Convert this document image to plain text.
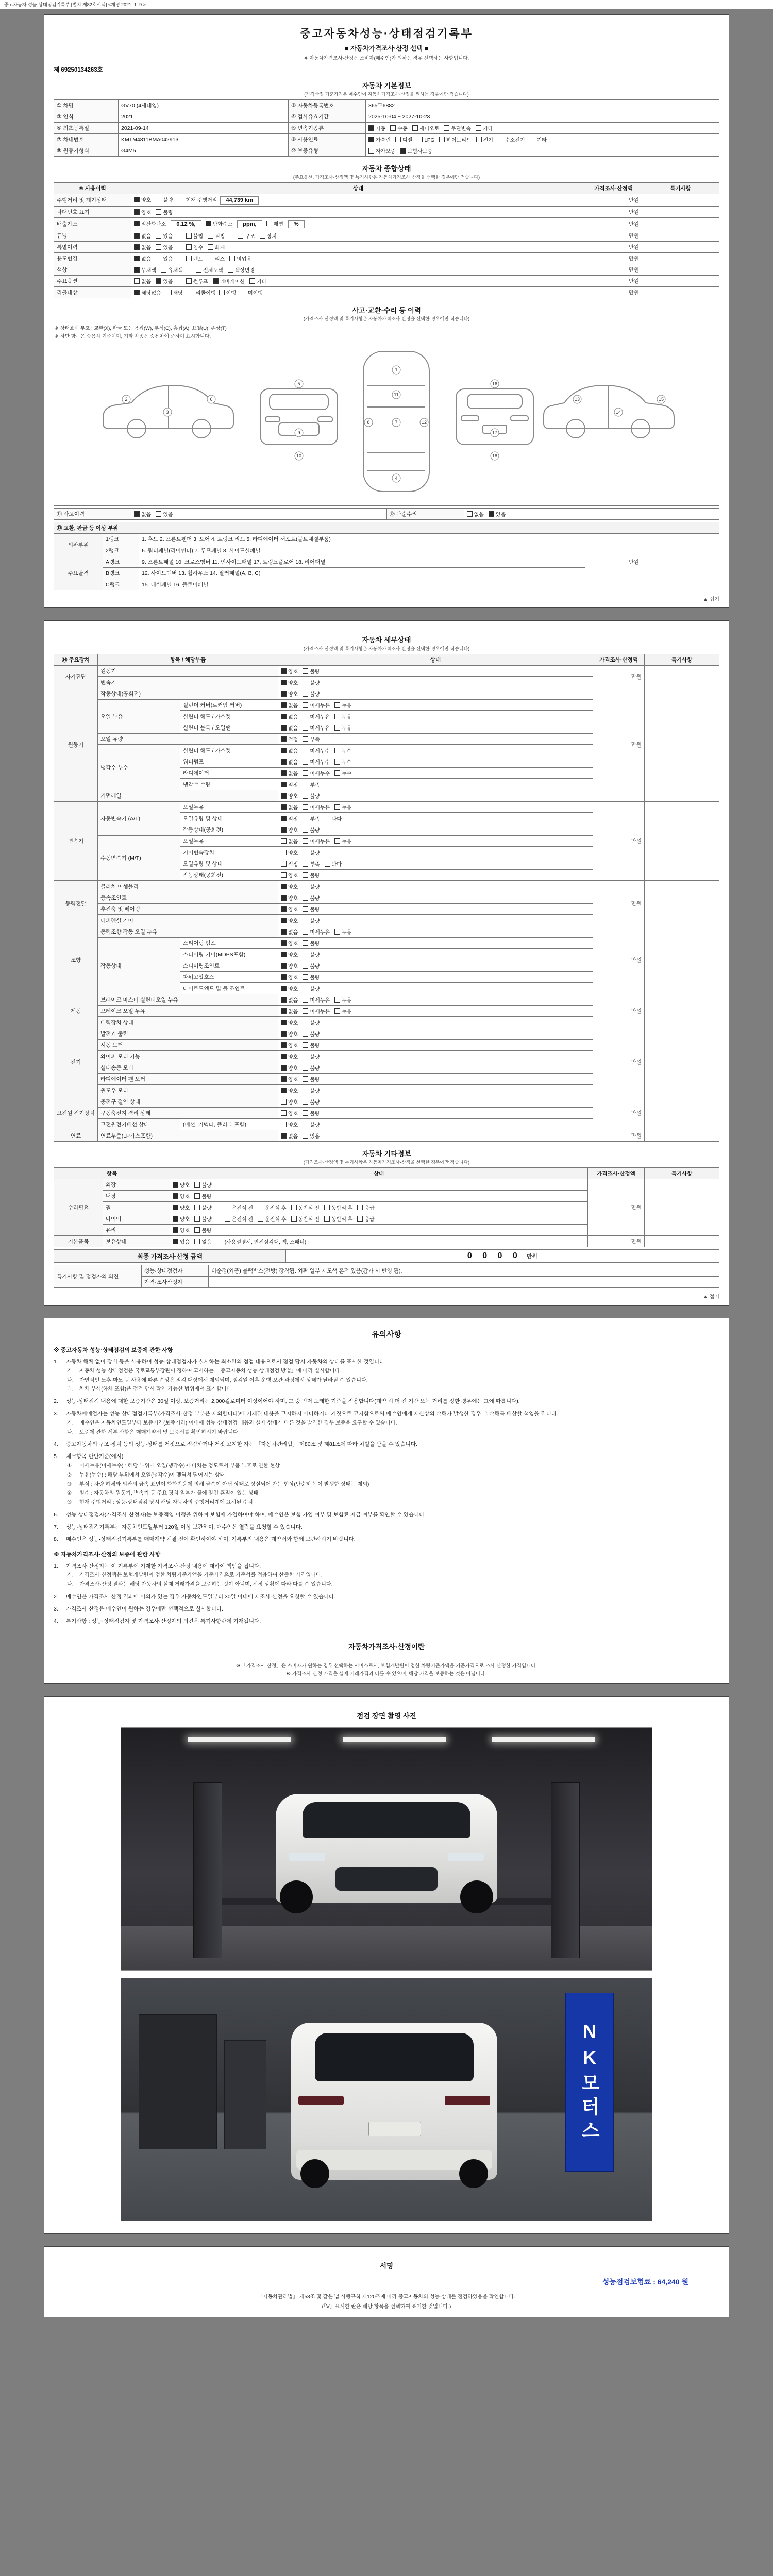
중고자동차 성능·상태점검기록부 [별지 제82호서식] <개정 2021. 1. 9.>
중고자동차성능·상태점검기록부
■ 자동차가격조사·산정 선택 ■
※ 자동차가격조사·산정은 소비자(매수인)가 원하는 경우 선택하는 사항입니다.
제 69250134263호
자동차 기본정보
(가격산정 기준가격은 매수인이 자동차가격조사·산정을 원하는 경우에만 적습니다)
① 차명	GV70 (4세대임)	② 자동차등록번호	365두6882
③ 연식	2021	④ 검사유효기간	2025-10-04 ~ 2027-10-23
⑤ 최초등록일	2021-09-14	⑥ 변속기종류	자동 수동 세미오토 무단변속 기타
⑦ 차대번호	KMTM4811BMA042913	⑧ 사용연료	가솔린 디젤 LPG 하이브리드 전기 수소전기 기타
⑨ 원동기형식	G4M5	⑩ 보증유형	자가보증 보험사보증
자동차 종합상태
(주요옵션, 가격조사·산정액 및 특기사항은 자동차가격조사·산정을 선택한 경우에만 적습니다)
⑩ 사용이력	상태	가격조사·산정액	특기사항
주행거리 및 계기상태	양호 불량 현재 주행거리 44,739 km	만원	
차대번호 표기	양호 불량	만원	
배출가스	일산화탄소 0.12 %, 탄화수소 ppm, 매연 %	만원	
튜닝	없음 있음 불법 적법 구조 장치	만원	
특별이력	없음 있음 침수 화재	만원	
용도변경	없음 있음 렌트 리스 영업용	만원	
색상	무채색 유채색 전체도색 색상변경	만원	
주요옵션	없음 있음 썬루프 네비게이션 기타	만원	
리콜대상	해당없음 해당 리콜이행 이행 미이행	만원	
사고·교환·수리 등 이력
(가격조사·산정액 및 특기사항은 자동차가격조사·산정을 선택한 경우에만 적습니다)
※ 상태표시 부호 : 교환(X), 판금 또는 용접(W), 부식(C), 흠집(A), 요철(U), 손상(T)
※ 하단 항목은 승용차 기준이며, 기타 차종은 승용차에 준하여 표시합니다.
2
3
6
5
9
10
1
7
4
8	12
11
16
17
18
13
14
15
⑪ 사고이력	없음 있음	⑫ 단순수리	없음 있음
⑬ 교환, 판금 등 이상 부위				
외판부위	1랭크	1. 후드 2. 프론트펜더 3. 도어 4. 트렁크 리드 5. 라디에이터 서포트(볼트체결부품)	만원	
	2랭크	6. 쿼터패널(리어펜더) 7. 루프패널 8. 사이드실패널		
주요골격	A랭크	9. 프론트패널 10. 크로스멤버 11. 인사이드패널 17. 트렁크플로어 18. 리어패널		
	B랭크	12. 사이드멤버 13. 휠하우스 14. 필러패널(A, B, C)		
	C랭크	15. 대쉬패널 16. 플로어패널		
▲ 접기
자동차 세부상태
(가격조사·산정액 및 특기사항은 자동차가격조사·산정을 선택한 경우에만 적습니다)
⑭ 주요장치	항목 / 해당부품		상태	가격조사·산정액	특기사항
자기진단	원동기		양호 불량	만원	
	변속기		양호 불량		
원동기	작동상태(공회전)		양호 불량	만원	
	오일 누유	실린더 커버(로커암 커버)	없음 미세누유 누유		
		실린더 헤드 / 가스켓	없음 미세누유 누유		
		실린더 블록 / 오일팬	없음 미세누유 누유		
	오일 유량		적정 부족		
	냉각수 누수	실린더 헤드 / 가스켓	없음 미세누수 누수		
		워터펌프	없음 미세누수 누수		
		라디에이터	없음 미세누수 누수		
		냉각수 수량	적정 부족		
	커먼레일		양호 불량		
변속기	자동변속기 (A/T)	오일누유	없음 미세누유 누유	만원	
		오일유량 및 상태	적정 부족 과다		
		작동상태(공회전)	양호 불량		
	수동변속기 (M/T)	오일누유	없음 미세누유 누유		
		기어변속장치	양호 불량		
		오일유량 및 상태	적정 부족 과다		
		작동상태(공회전)	양호 불량		
동력전달	클러치 어셈블리		양호 불량	만원	
	등속조인트		양호 불량		
	추진축 및 베어링		양호 불량		
	디퍼렌셜 기어		양호 불량		
조향	동력조향 작동 오일 누유		없음 미세누유 누유	만원	
	작동상태	스티어링 펌프	양호 불량		
		스티어링 기어(MDPS포함)	양호 불량		
		스티어링조인트	양호 불량		
		파워고압호스	양호 불량		
		타이로드엔드 및 볼 조인트	양호 불량		
제동	브레이크 마스터 실린더오일 누유		없음 미세누유 누유	만원	
	브레이크 오일 누유		없음 미세누유 누유		
	배력장치 상태		양호 불량		
전기	발전기 출력		양호 불량	만원	
	시동 모터		양호 불량		
	와이퍼 모터 기능		양호 불량		
	실내송풍 모터		양호 불량		
	라디에이터 팬 모터		양호 불량		
	윈도우 모터		양호 불량		
고전원 전기장치	충전구 절연 상태		양호 불량	만원	
	구동축전지 격리 상태		양호 불량		
	고전원전기배선 상태	(배선, 커넥터, 플러그 포함)	양호 불량		
연료	연료누출(LP가스포함)		없음 있음	만원	
자동차 기타정보
(가격조사·산정액 및 특기사항은 자동차가격조사·산정을 선택한 경우에만 적습니다)
항목		상태	가격조사·산정액	특기사항
수리필요	외장	양호 불량	만원	
	내장	양호 불량		
	휠	양호 불량 운전석 전 운전석 후 동반석 전 동반석 후 응급		
	타이어	양호 불량 운전석 전 운전석 후 동반석 전 동반석 후 응급		
	유리	양호 불량		
기본품목	보유상태	있음 없음 (사용설명서, 안전삼각대, 잭, 스패너)	만원	
최종 가격조사·산정 금액	0 0 0 0 만원
특기사항 및 점검자의 의견	성능·상태점검자	비순정(외품) 블랙박스(전방) 장착됨. 외판 일부 재도색 흔적 있음(감가 시 반영 됨).
	가격·조사산정자	
▲ 접기
유의사항
※ 중고자동차 성능·상태점검의 보증에 관한 사항
1.	자동차 해체 없이 장비 등을 사용하여 성능·상태점검자가 실시하는 최소한의 점검 내용으로서 점검 당시 자동차의 상태를 표시한 것입니다.
가.	자동차 성능·상태점검은 국토교통부장관이 정하여 고시하는 「중고자동차 성능·상태점검 방법」에 따라 실시합니다.
나.	자연적인 노후·마모 등 사용에 따른 손상은 점검 대상에서 제외되며, 점검일 이후 운행·보관 과정에서 상태가 달라질 수 있습니다.
다.	차체 부식(하체 포함)은 점검 당시 확인 가능한 범위에서 표기합니다.
2.	성능·상태점검 내용에 대한 보증기간은 30일 이상, 보증거리는 2,000킬로미터 이상이어야 하며, 그 중 먼저 도래한 기준을 적용합니다(계약 시 더 긴 기간 또는 거리를 정한 경우에는 그에 따릅니다).
3.	자동차매매업자는 성능·상태점검기록부(가격조사·산정 부분은 제외합니다)에 기재된 내용을 고지하지 아니하거나 거짓으로 고지함으로써 매수인에게 재산상의 손해가 발생한 경우 그 손해를 배상할 책임을 집니다.
가.	매수인은 자동차인도일부터 보증기간(보증거리) 이내에 성능·상태점검 내용과 실제 상태가 다른 것을 발견한 경우 보증을 요구할 수 있습니다.
나.	보증에 관한 세부 사항은 매매계약서 및 보증서를 확인하시기 바랍니다.
4.	중고자동차의 구조·장치 등의 성능·상태를 거짓으로 점검하거나 거짓 고지한 자는 「자동차관리법」 제80조 및 제81조에 따라 처벌을 받을 수 있습니다.
5.	체크항목 판단기준(예시)
①	미세누유(미세누수) : 해당 부위에 오일(냉각수)이 비치는 정도로서 부품 노후로 인한 현상
②	누유(누수) : 해당 부위에서 오일(냉각수)이 맺혀서 떨어지는 상태
③	부식 : 차량 하체와 외판의 금속 표면이 화학반응에 의해 금속이 아닌 상태로 상실되어 가는 현상(단순히 녹이 발생한 상태는 제외)
④	침수 : 자동차의 원동기, 변속기 등 주요 장치 일부가 물에 잠긴 흔적이 있는 상태
⑤	현재 주행거리 : 성능·상태점검 당시 해당 자동차의 주행거리계에 표시된 수치
6.	성능·상태점검자(가격조사·산정자)는 보증책임 이행을 위하여 보험에 가입하여야 하며, 매수인은 보험 가입 여부 및 보험료 지급 여부를 확인할 수 있습니다.
7.	성능·상태점검기록부는 자동차인도일부터 120일 이상 보관하며, 매수인은 열람을 요청할 수 있습니다.
8.	매수인은 성능·상태점검기록부를 매매계약 체결 전에 확인하여야 하며, 기록부의 내용은 계약서와 함께 보관하시기 바랍니다.
※ 자동차가격조사·산정의 보증에 관한 사항
1.	가격조사·산정자는 이 기록부에 기재한 가격조사·산정 내용에 대하여 책임을 집니다.
가.	가격조사·산정액은 보험개발원이 정한 차량기준가액을 기준가격으로 기준서를 적용하여 산출한 가격입니다.
나.	가격조사·산정 결과는 해당 자동차의 실제 거래가격을 보증하는 것이 아니며, 시장 상황에 따라 다를 수 있습니다.
2.	매수인은 가격조사·산정 결과에 이의가 있는 경우 자동차인도일부터 30일 이내에 재조사·산정을 요청할 수 있습니다.
3.	가격조사·산정은 매수인이 원하는 경우에만 선택적으로 실시합니다.
4.	특기사항 : 성능·상태점검자 및 가격조사·산정자의 의견은 특기사항란에 기재됩니다.
자동차가격조사·산정이란
※ 「가격조사·산정」은 소비자가 원하는 경우 선택하는 서비스로서, 보험개발원이 정한 차량기준가액을 기준가격으로 조사·산정한 가격입니다.
※ 가격조사·산정 가격은 실제 거래가격과 다를 수 있으며, 해당 가격을 보증하는 것은 아닙니다.
점검 장면 촬영 사진
NK모터스
서명
성능점검보험료 : 64,240 원
「자동차관리법」 제58조 및 같은 법 시행규칙 제120조에 따라 중고자동차의 성능·상태를 점검하였음을 확인합니다.
(「V」표시한 란은 해당 항목을 선택하여 표기한 것입니다.)
